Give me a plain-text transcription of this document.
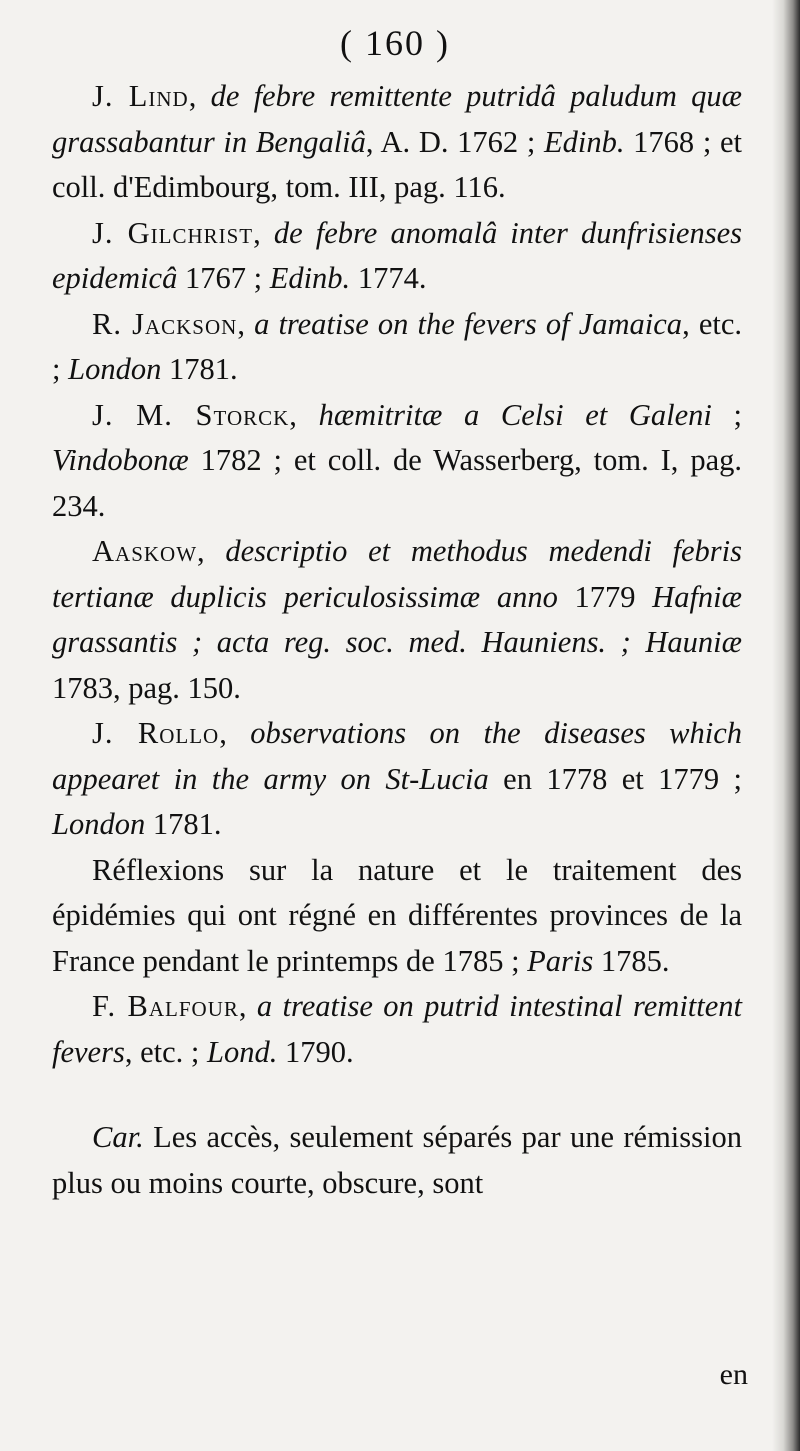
( 160 )

J. Lind, de febre remittente putridâ paludum quæ grassabantur in Bengaliâ, A. D. 1762 ; Edinb. 1768 ; et coll. d'Edimbourg, tom. III, pag. 116.

J. Gilchrist, de febre anomalâ inter dunfrisienses epidemicâ 1767 ; Edinb. 1774.

R. Jackson, a treatise on the fevers of Jamaica, etc. ; London 1781.

J. M. Storck, hæmitritæ a Celsi et Galeni ; Vindobonæ 1782 ; et coll. de Wasserberg, tom. I, pag. 234.

Aaskow, descriptio et methodus medendi febris tertianæ duplicis periculosissimæ anno 1779 Hafniæ grassantis ; acta reg. soc. med. Hauniens. ; Hauniæ 1783, pag. 150.

J. Rollo, observations on the diseases which appearet in the army on St-Lucia en 1778 et 1779 ; London 1781.

Réflexions sur la nature et le traitement des épidémies qui ont régné en différentes provinces de la France pendant le printemps de 1785 ; Paris 1785.

F. Balfour, a treatise on putrid intestinal remittent fevers, etc. ; Lond. 1790.

Car. Les accès, seulement séparés par une rémission plus ou moins courte, obscure, sont

en
